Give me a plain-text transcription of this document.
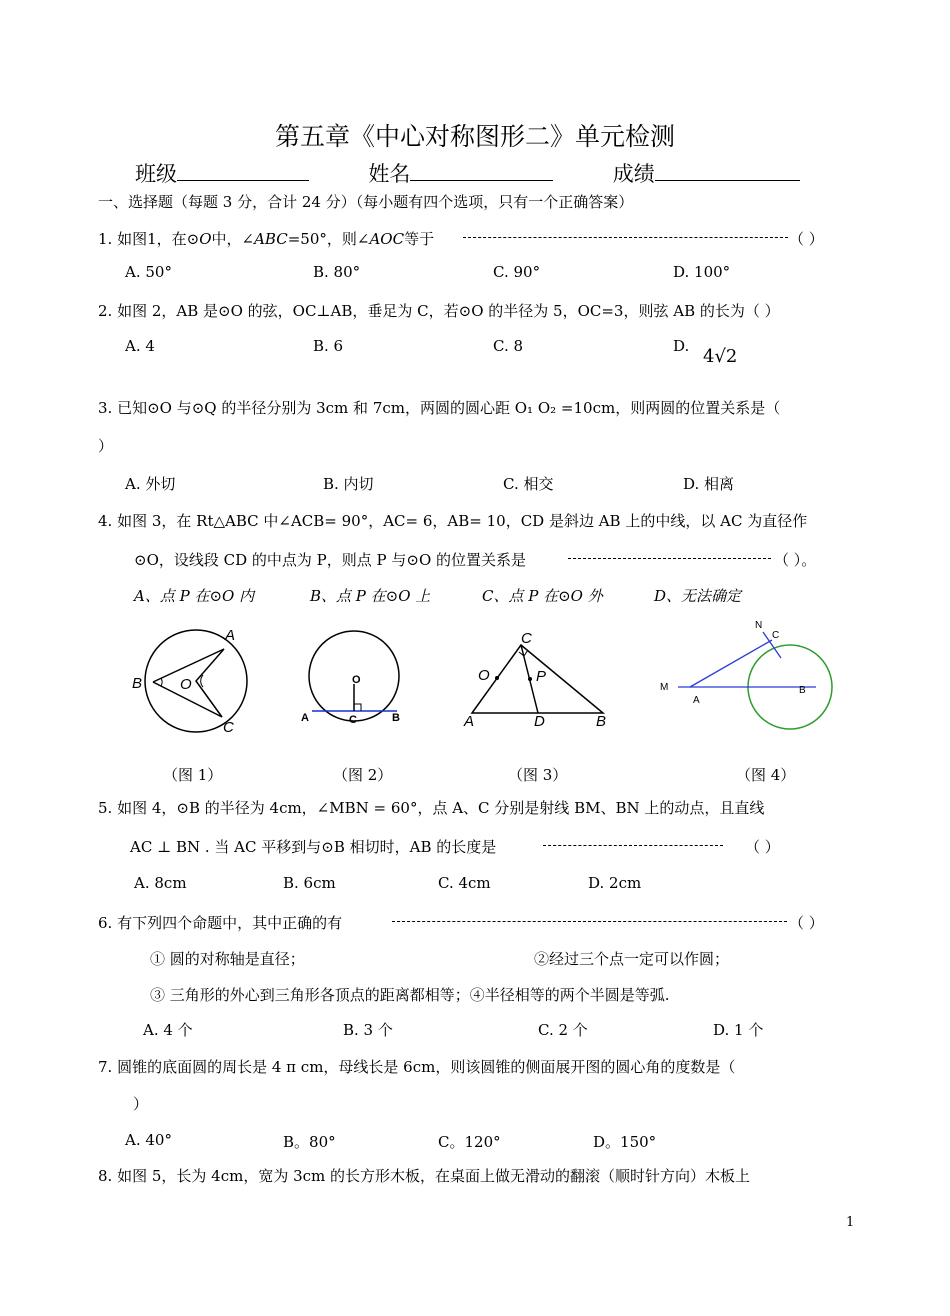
第五章《中心对称图形二》单元检测
班级	姓名	成绩
一、选择题（每题 3 分，合计 24 分）（每小题有四个选项，只有一个正确答案）
1. 如图1，在⊙O中，∠ABC=50°，则∠AOC等于	（ ）
A. 50°	B. 80°	C. 90°	D. 100°
2. 如图 2，AB 是⊙O 的弦，OC⊥AB，垂足为 C，若⊙O 的半径为 5，OC=3，则弦 AB 的长为（ ）
A. 4	B. 6	C. 8	D. 4√2
3. 已知⊙O 与⊙Q 的半径分别为 3cm 和 7cm，两圆的圆心距 O₁ O₂ =10cm，则两圆的位置关系是（
）
A. 外切	B. 内切	C. 相交	D. 相离
4. 如图 3，在 Rt△ABC 中∠ACB= 90°，AC= 6，AB= 10，CD 是斜边 AB 上的中线，以 AC 为直径作
⊙O，设线段 CD 的中点为 P，则点 P 与⊙O 的位置关系是	（ ）。
A、点 P 在⊙O 内	B、点 P 在⊙O 上	C、点 P 在⊙O 外	D、无法确定
A
B	O
C
O
A	C	B
C
O	P
A	D	B
N
C
M
A
B
（图 1）	（图 2）	（图 3）	（图 4）
5. 如图 4，⊙B 的半径为 4cm，∠MBN = 60°，点 A、C 分别是射线 BM、BN 上的动点，且直线
AC ⊥ BN . 当 AC 平移到与⊙B 相切时，AB 的长度是	（ ）
A. 8cm	B. 6cm	C. 4cm	D. 2cm
6. 有下列四个命题中，其中正确的有	（ ）
① 圆的对称轴是直径；	②经过三个点一定可以作圆；
③ 三角形的外心到三角形各顶点的距离都相等；④半径相等的两个半圆是等弧.
A. 4 个	B. 3 个	C. 2 个	D. 1 个
7. 圆锥的底面圆的周长是 4 π cm，母线长是 6cm，则该圆锥的侧面展开图的圆心角的度数是（
）
A. 40°	B。80°	C。120°	D。150°
8. 如图 5，长为 4cm，宽为 3cm 的长方形木板，在桌面上做无滑动的翻滚（顺时针方向）木板上
1
